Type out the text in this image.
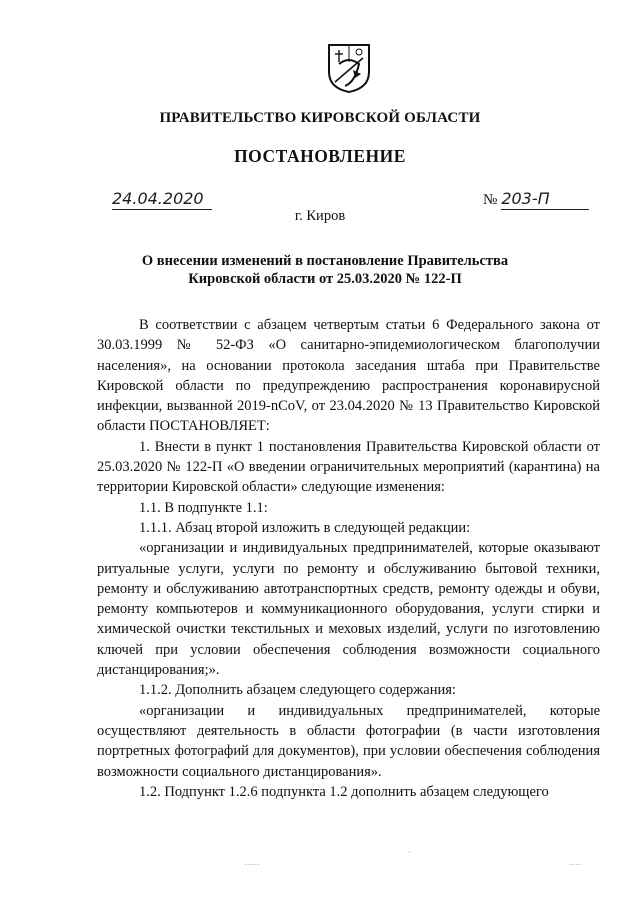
ПРАВИТЕЛЬСТВО КИРОВСКОЙ ОБЛАСТИ
ПОСТАНОВЛЕНИЕ
24.04.2020	№ 203-П
г. Киров
О внесении изменений в постановление Правительства
Кировской области от 25.03.2020 № 122-П

В соответствии с абзацем четвертым статьи 6 Федерального закона от 30.03.1999 № 52-ФЗ «О санитарно-эпидемиологическом благополучии населения», на основании протокола заседания штаба при Правительстве Кировской области по предупреждению распространения коронавирусной инфекции, вызванной 2019-nCoV, от 23.04.2020 № 13 Правительство Кировской области ПОСТАНОВЛЯЕТ:

1. Внести в пункт 1 постановления Правительства Кировской области от 25.03.2020 № 122-П «О введении ограничительных мероприятий (карантина) на территории Кировской области» следующие изменения:

1.1. В подпункте 1.1:

1.1.1. Абзац второй изложить в следующей редакции:

«организации и индивидуальных предпринимателей, которые оказывают ритуальные услуги, услуги по ремонту и обслуживанию бытовой техники, ремонту и обслуживанию автотранспортных средств, ремонту одежды и обуви, ремонту компьютеров и коммуникационного оборудования, услуги стирки и химической очистки текстильных и меховых изделий, услуги по изготовлению ключей при условии обеспечения соблюдения возможности социального дистанцирования;».

1.1.2. Дополнить абзацем следующего содержания:

«организации и индивидуальных предпринимателей, которые осуществляют деятельность в области фотографии (в части изготовления портретных фотографий для документов), при условии обеспечения соблюдения возможности социального дистанцирования».

1.2. Подпункт 1.2.6 подпункта 1.2 дополнить абзацем следующего

.....
·
....
